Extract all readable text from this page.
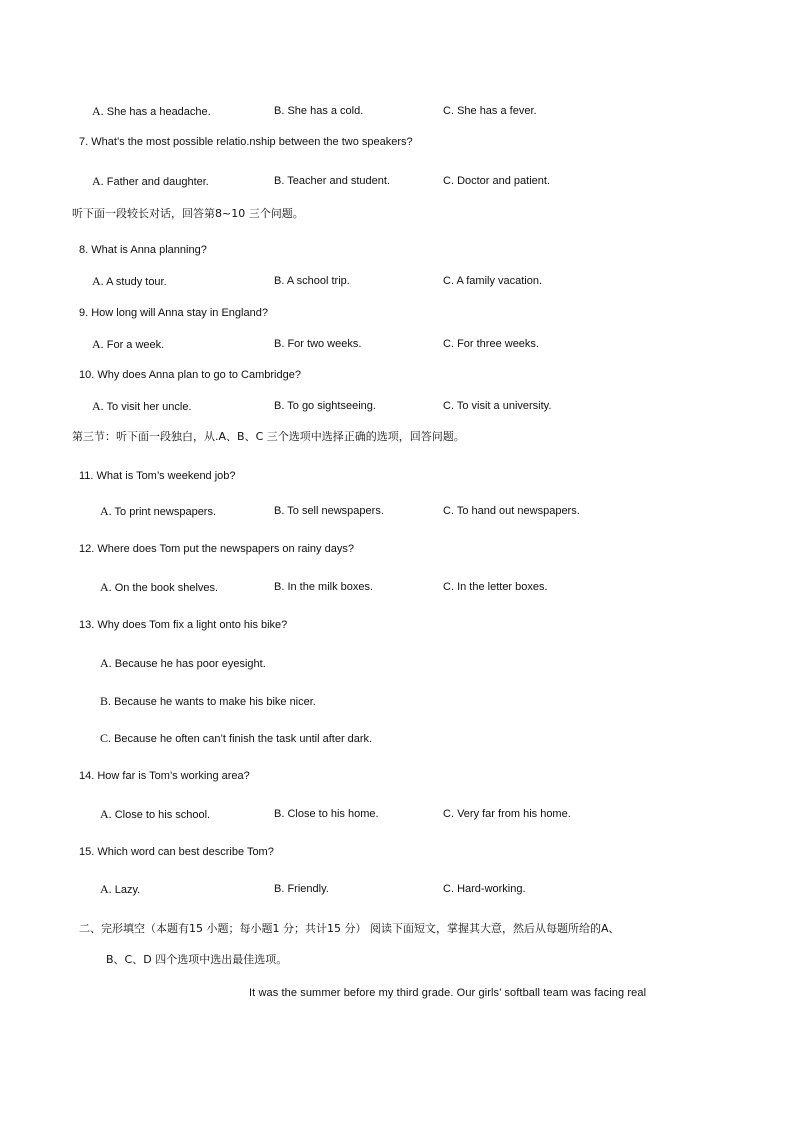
A. She has a headache.	B. She has a cold.	C. She has a fever.
7. What’s the most possible relatio.nship between the two speakers?
A. Father and daughter.	B. Teacher and student.	C. Doctor and patient.
听下面一段较长对话，回答第8~10 三个问题。
8. What is Anna planning?
A. A study tour.	B. A school trip.	C. A family vacation.
9. How long will Anna stay in England?
A. For a week.	B. For two weeks.	C. For three weeks.
10. Why does Anna plan to go to Cambridge?
A. To visit her uncle.	B. To go sightseeing.	C. To visit a university.
第三节：听下面一段独白，从.A、B、C 三个选项中选择正确的选项，回答问题。
11. What is Tom’s weekend job?
A. To print newspapers.	B. To sell newspapers.	C. To hand out newspapers.
12. Where does Tom put the newspapers on rainy days?
A. On the book shelves.	B. In the milk boxes.	C. In the letter boxes.
13. Why does Tom fix a light onto his bike?
A. Because he has poor eyesight.
B. Because he wants to make his bike nicer.
C. Because he often can’t finish the task until after dark.
14. How far is Tom’s working area?
A. Close to his school.	B. Close to his home.	C. Very far from his home.
15. Which word can best describe Tom?
A. Lazy.	B. Friendly.	C. Hard-working.
二、完形填空（本题有15 小题；每小题1 分；共计15 分） 阅读下面短文，掌握其大意，然后从每题所给的A、
B、C、D 四个选项中选出最佳选项。
It was the summer before my third grade. Our girls’ softball team was facing real
